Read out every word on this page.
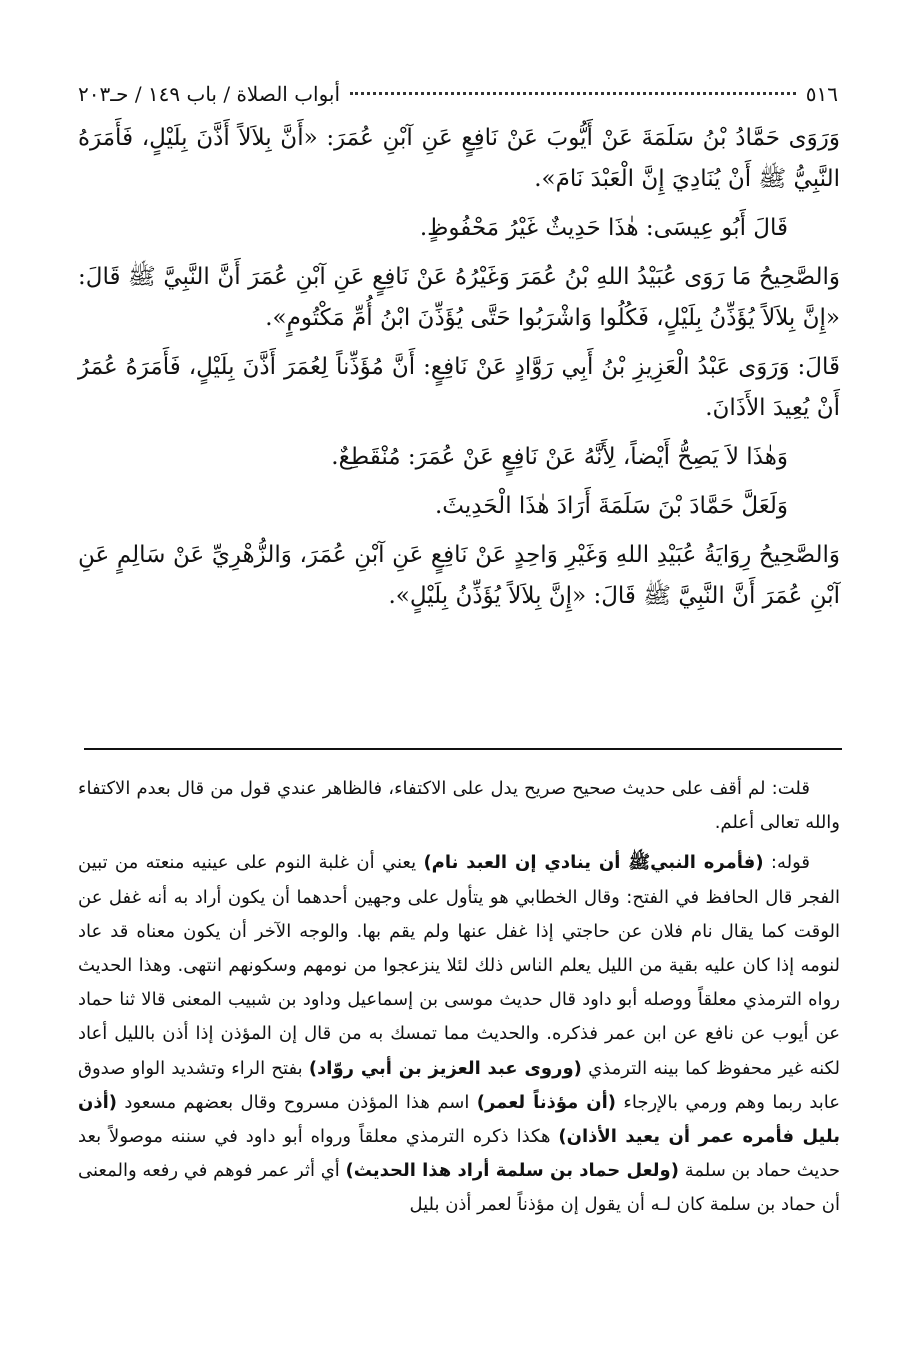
٥١٦
أبواب الصلاة / باب ١٤٩ / حـ٢٠٣

وَرَوَى حَمَّادُ بْنُ سَلَمَةَ عَنْ أَيُّوبَ عَنْ نَافِعٍ عَنِ آبْنِ عُمَرَ: «أَنَّ بِلاَلاً أَذَّنَ بِلَيْلٍ، فَأَمَرَهُ النَّبِيُّ ﷺ أَنْ يُنَادِيَ إِنَّ الْعَبْدَ نَامَ».

قَالَ أَبُو عِيسَى: هٰذَا حَدِيثٌ غَيْرُ مَحْفُوظٍ.

وَالصَّحِيحُ مَا رَوَى عُبَيْدُ اللهِ بْنُ عُمَرَ وَغَيْرُهُ عَنْ نَافِعٍ عَنِ آبْنِ عُمَرَ أَنَّ النَّبِيَّ ﷺ قَالَ: «إِنَّ بِلاَلاً يُؤَذِّنُ بِلَيْلٍ، فَكُلُوا وَاشْرَبُوا حَتَّى يُؤَذِّنَ ابْنُ أُمِّ مَكْتُومٍ».

قَالَ: وَرَوَى عَبْدُ الْعَزِيزِ بْنُ أَبِي رَوَّادٍ عَنْ نَافِعٍ: أَنَّ مُؤَذِّناً لِعُمَرَ أَذَّنَ بِلَيْلٍ، فَأَمَرَهُ عُمَرُ أَنْ يُعِيدَ الأَذَانَ.

وَهٰذَا لاَ يَصِحُّ أَيْضاً، لِأَنَّهُ عَنْ نَافِعٍ عَنْ عُمَرَ: مُنْقَطِعٌ.

وَلَعَلَّ حَمَّادَ بْنَ سَلَمَةَ أَرَادَ هٰذَا الْحَدِيثَ.

وَالصَّحِيحُ رِوَايَةُ عُبَيْدِ اللهِ وَغَيْرِ وَاحِدٍ عَنْ نَافِعٍ عَنِ آبْنِ عُمَرَ، وَالزُّهْرِيِّ عَنْ سَالِمٍ عَنِ آبْنِ عُمَرَ أَنَّ النَّبِيَّ ﷺ قَالَ: «إِنَّ بِلاَلاً يُؤَذِّنُ بِلَيْلٍ».

قلت: لم أقف على حديث صحيح صريح يدل على الاكتفاء، فالظاهر عندي قول من قال بعدم الاكتفاء والله تعالى أعلم.

قوله: (فأمره النبيﷺ أن ينادي إن العبد نام) يعني أن غلبة النوم على عينيه منعته من تبين الفجر قال الحافظ في الفتح: وقال الخطابي هو يتأول على وجهين أحدهما أن يكون أراد به أنه غفل عن الوقت كما يقال نام فلان عن حاجتي إذا غفل عنها ولم يقم بها. والوجه الآخر أن يكون معناه قد عاد لنومه إذا كان عليه بقية من الليل يعلم الناس ذلك لئلا ينزعجوا من نومهم وسكونهم انتهى. وهذا الحديث رواه الترمذي معلقاً ووصله أبو داود قال حديث موسى بن إسماعيل وداود بن شبيب المعنى قالا ثنا حماد عن أيوب عن نافع عن ابن عمر فذكره. والحديث مما تمسك به من قال إن المؤذن إذا أذن بالليل أعاد لكنه غير محفوظ كما بينه الترمذي (وروى عبد العزيز بن أبي روّاد) بفتح الراء وتشديد الواو صدوق عابد ربما وهم ورمي بالإرجاء (أن مؤذناً لعمر) اسم هذا المؤذن مسروح وقال بعضهم مسعود (أذن بليل فأمره عمر أن يعيد الأذان) هكذا ذكره الترمذي معلقاً ورواه أبو داود في سننه موصولاً بعد حديث حماد بن سلمة (ولعل حماد بن سلمة أراد هذا الحديث) أي أثر عمر فوهم في رفعه والمعنى أن حماد بن سلمة كان لـه أن يقول إن مؤذناً لعمر أذن بليل
